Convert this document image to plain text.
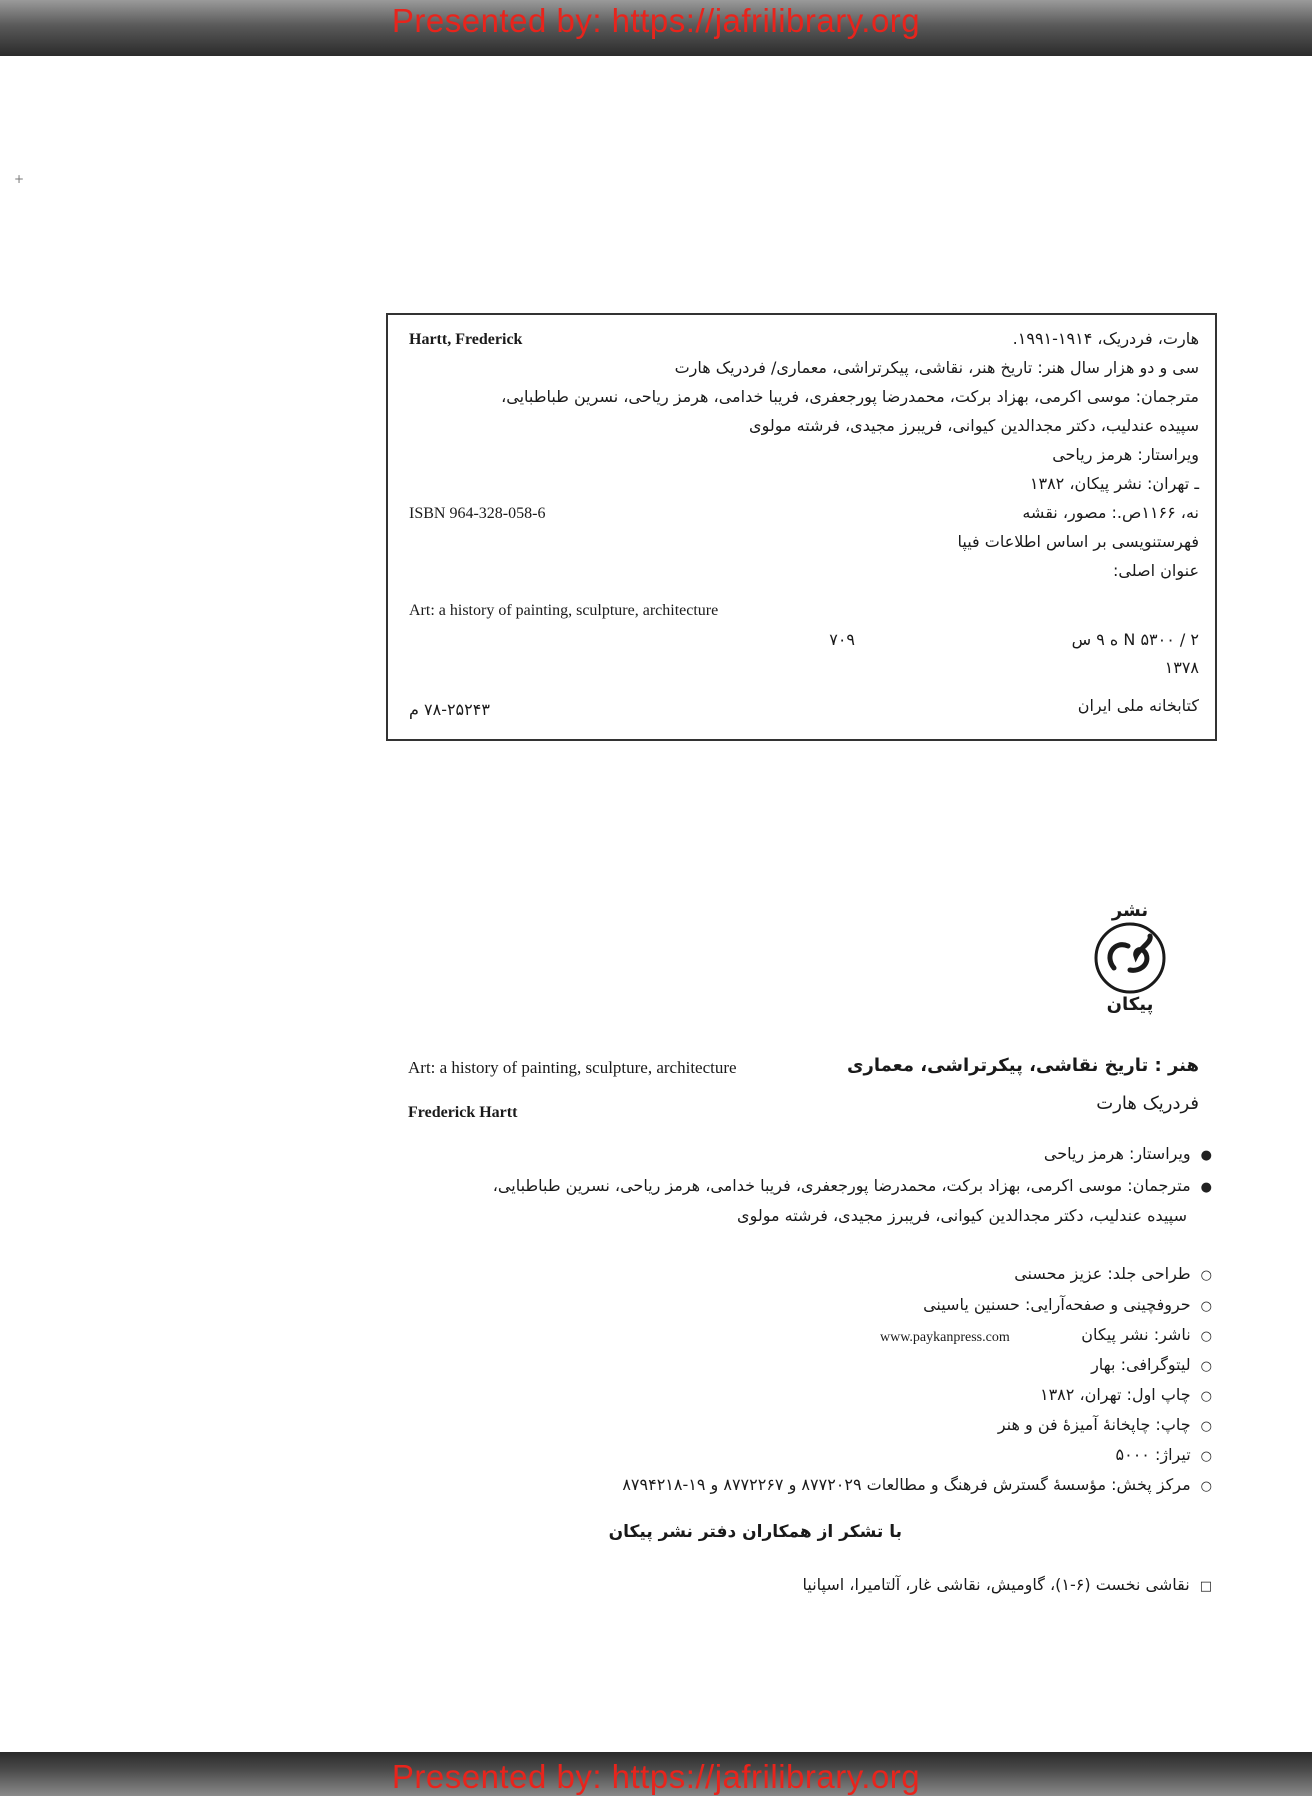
Presented by: https://jafrilibrary.org
Presented by: https://jafrilibrary.org
+
هارت، فردریک، ۱۹۱۴-۱۹۹۱.
Hartt, Frederick
سی و دو هزار سال هنر: تاریخ هنر، نقاشی، پیکرتراشی، معماری/ فردریک هارت
مترجمان: موسی اکرمی، بهزاد برکت، محمدرضا پورجعفری، فریبا خدامی، هرمز ریاحی، نسرین طباطبایی،
سپیده عندلیب، دکتر مجدالدین کیوانی، فریبرز مجیدی، فرشته مولوی
ویراستار: هرمز ریاحی
ـ تهران: نشر پیکان، ۱۳۸۲
نه، ۱۱۶۶ص.: مصور، نقشه
ISBN 964-328-058-6
فهرستنویسی بر اساس اطلاعات فیپا
عنوان اصلی:
Art: a history of painting, sculpture, architecture
N ۵۳۰۰ / ۲ ه ۹ س
۷۰۹
۱۳۷۸
کتابخانه ملی ایران
۷۸-۲۵۲۴۳ م
نشر
پیکان
هنر : تاریخ نقاشی، پیکرتراشی، معماری
Art: a history of painting, sculpture, architecture
فردریک هارت
Frederick Hartt
●ویراستار: هرمز ریاحی
●مترجمان: موسی اکرمی، بهزاد برکت، محمدرضا پورجعفری، فریبا خدامی، هرمز ریاحی، نسرین طباطبایی،
سپیده عندلیب، دکتر مجدالدین کیوانی، فریبرز مجیدی، فرشته مولوی
○طراحی جلد: عزیز محسنی
○حروفچینی و صفحه‌آرایی: حسنین یاسینی
○ناشر: نشر پیکان
www.paykanpress.com
○لیتوگرافی: بهار
○چاپ اول: تهران، ۱۳۸۲
○چاپ: چاپخانهٔ آمیزهٔ فن و هنر
○تیراژ: ۵۰۰۰
○مرکز پخش: مؤسسهٔ گسترش فرهنگ و مطالعات ۸۷۷۲۰۲۹ و ۸۷۷۲۲۶۷ و ۱۹-۸۷۹۴۲۱۸
با تشکر از همکاران دفتر نشر پیکان
□نقاشی نخست (۶-۱)، گاومیش، نقاشی غار، آلتامیرا، اسپانیا
